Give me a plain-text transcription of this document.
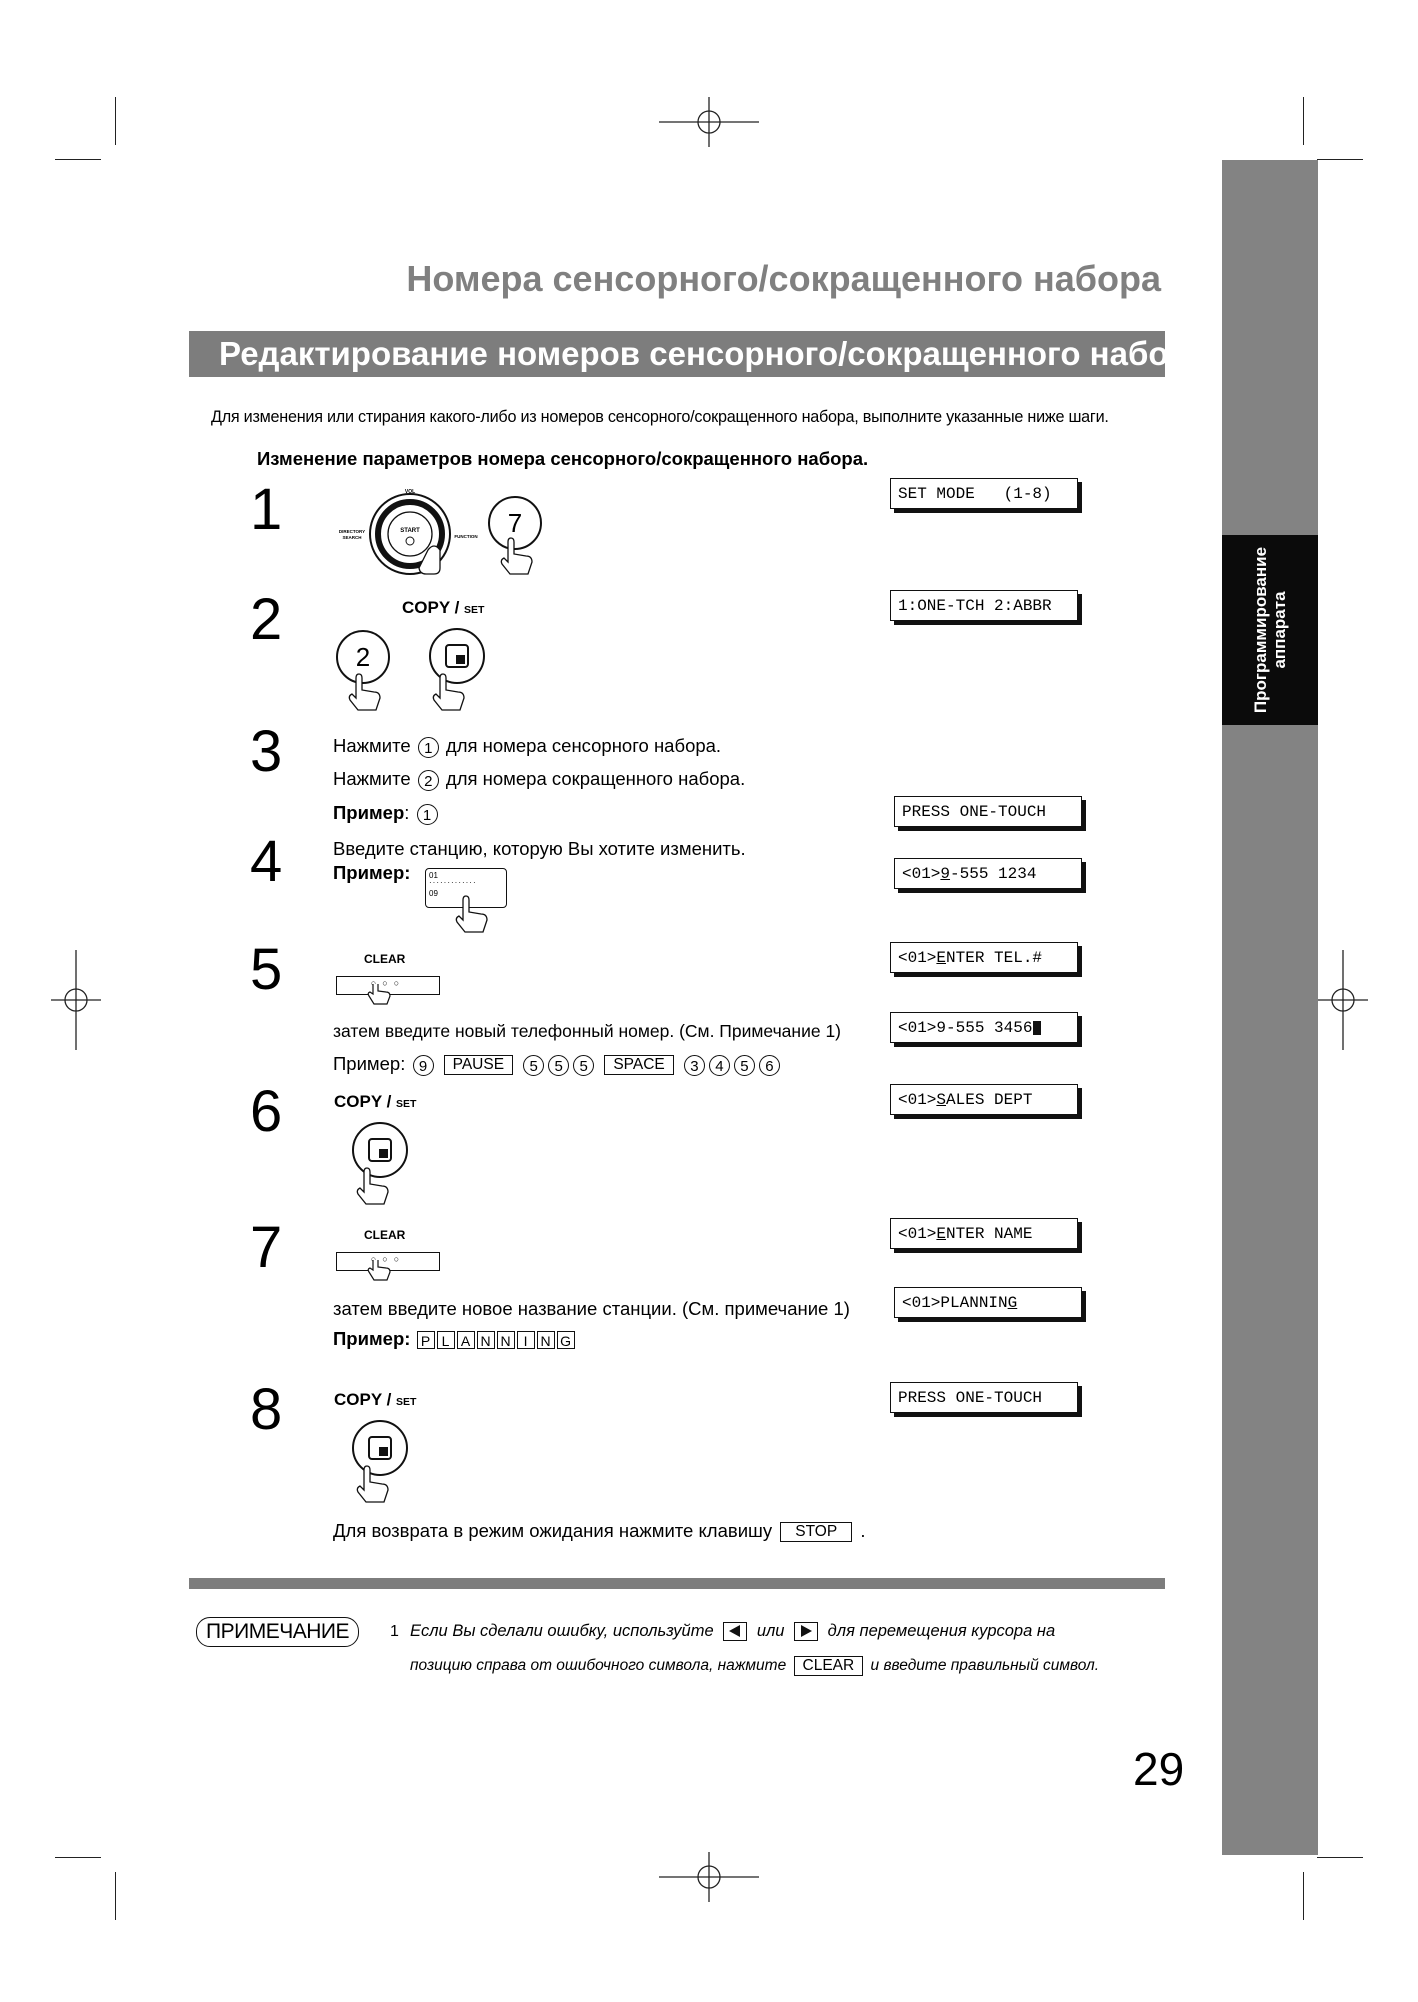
Программирование аппарата
Номера сенсорного/сокращенного набора
Редактирование номеров сенсорного/сокращенного набора
Для изменения или стирания какого-либо из номеров сенсорного/сокращенного набора, выполните указанные ниже шаги.
Изменение параметров номера сенсорного/сокращенного набора.
1	START
VOL
DIRECTORY
SEARCH	FUNCTION	7
SET MODE   (1-8)
2	COPY / SET
2
1:ONE-TCH 2:ABBR
3	Нажмите 1 для номера сенсорного набора.
Нажмите 2 для номера сокращенного набора.
Пример: 1	PRESS ONE-TOUCH
4	Введите станцию, которую Вы хотите изменить.
Пример: 01
·············
09
<01>9-555 1234
5	CLEAR
○○○
<01>ENTER TEL.#
затем введите новый телефонный номер. (См. Примечание 1)	<01>9-555 3456
Пример: 9 PAUSE 5 5 5 SPACE 3 4 5 6
6	COPY / SET	<01>SALES DEPT
7	CLEAR
○○○
<01>ENTER NAME
затем введите новое название станции. (См. примечание 1)	<01>PLANNING
Пример: P L A N N I N G
8	COPY / SET	PRESS ONE-TOUCH
Для возврата в режим ожидания нажмите клавишу STOP .
ПРИМЕЧАНИЕ	1 Если Вы сделали ошибку, используйте	или	для перемещения курсора на
позицию справа от ошибочного символа, нажмите CLEAR и введите правильный символ.
29
